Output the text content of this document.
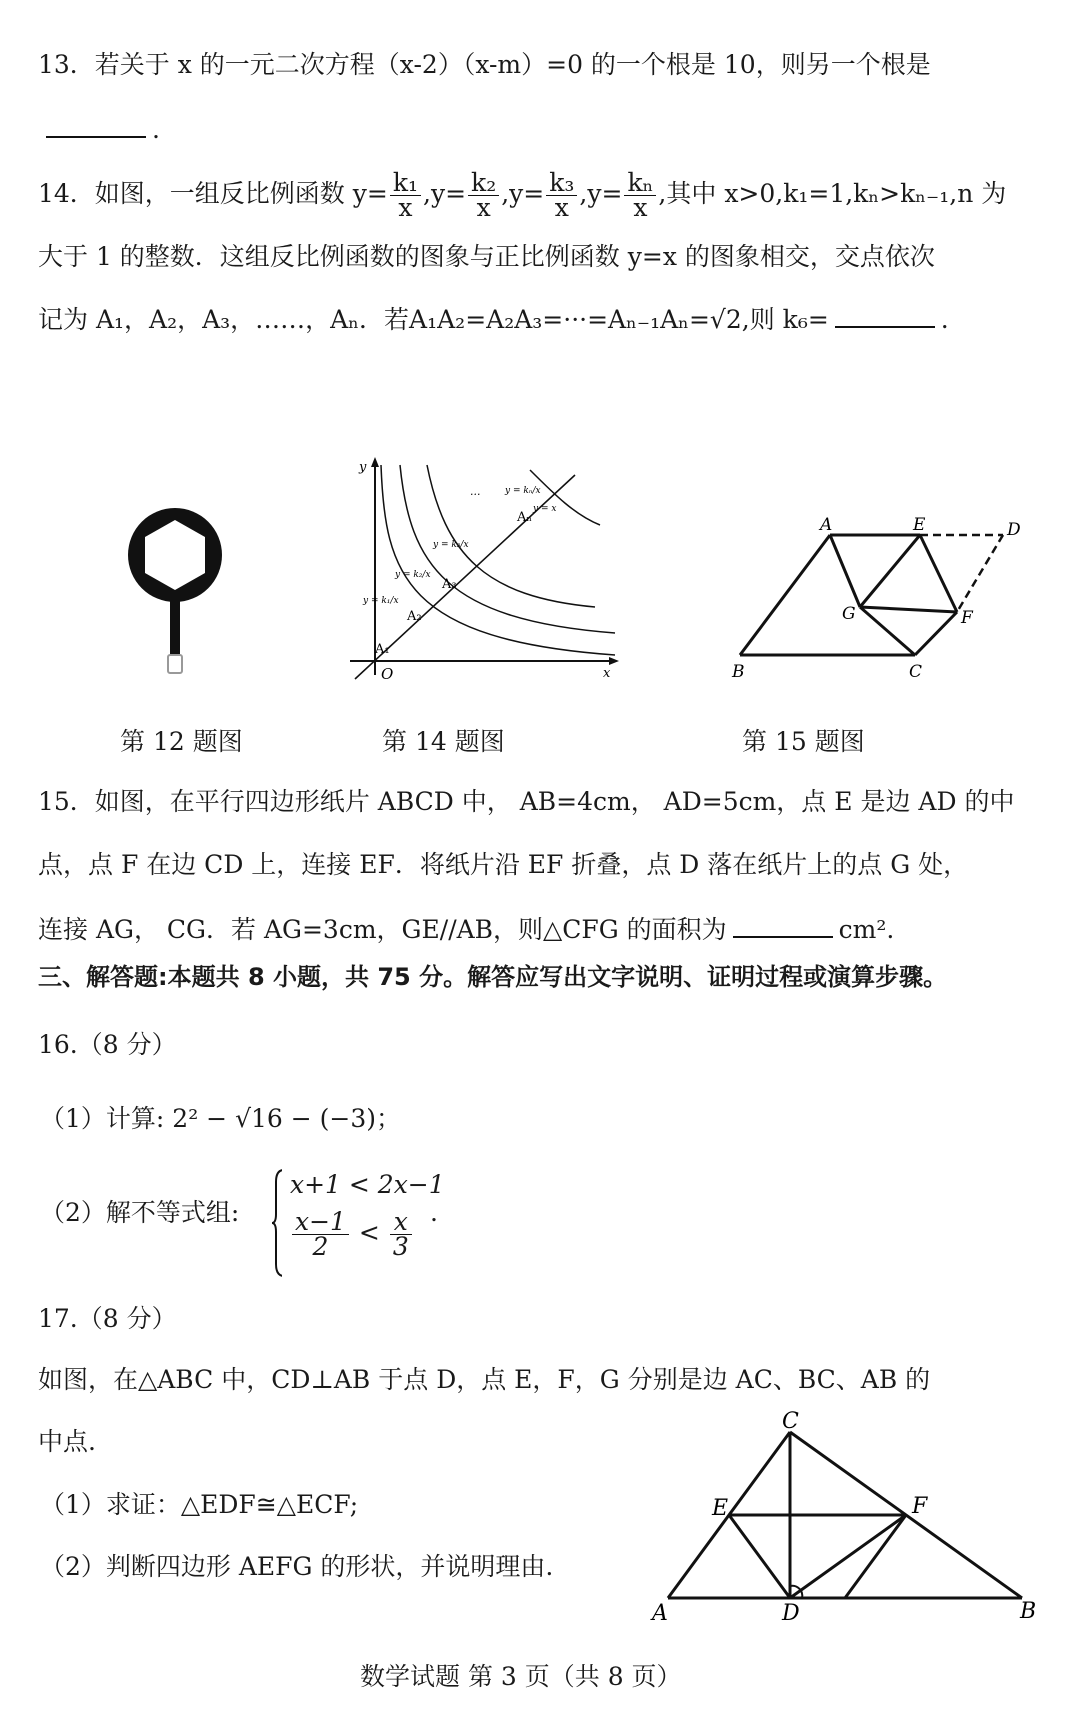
13．若关于 x 的一元二次方程（x-2）（x-m）=0 的一个根是 10，则另一个根是
.
14．如图，一组反比例函数 $y= \frac{\text{k₁}}{x} ,y= \frac{\text{k₂}}{x} ,y= \frac{\text{k₃}}{x} ,y= \frac{\text{kₙ}}{x}$ ,其中 x>0,k₁=1,kₙ>kₙ₋₁,n 为
大于 1 的整数．这组反比例函数的图象与正比例函数 y=x 的图象相交，交点依次
记为 A₁，A₂，A₃，……，Aₙ．若A₁A₂=A₂A₃=···=Aₙ₋₁Aₙ=√2,则 k₆=	.
第 12 题图
y
x
O
A₁
A₂
A₃
Aₙ
y = k₁/x
y = k₂/x
y = k₃/x
y = kₙ/x
y = x
...
第 14 题图
A	E	D
G	F
B	C
第 15 题图
15．如图，在平行四边形纸片 ABCD 中， AB=4cm， AD=5cm，点 E 是边 AD 的中
点，点 F 在边 CD 上，连接 EF．将纸片沿 EF 折叠，点 D 落在纸片上的点 G 处，
连接 AG， CG．若 AG=3cm，GE//AB，则△CFG 的面积为	cm².
三、解答题:本题共 8 小题，共 75 分。解答应写出文字说明、证明过程或演算步骤。
16.（8 分）
（1）计算: 2² − √16 − (−3)；
（2）解不等式组:
x+1 < 2x−1
$\frac{x-1}{2} < \frac{x}{3}$ .
17.（8 分）
如图，在△ABC 中，CD⊥AB 于点 D，点 E，F，G 分别是边 AC、BC、AB 的
中点.
（1）求证：△EDF≅△ECF;
（2）判断四边形 AEFG 的形状，并说明理由.
C
E	F
A	D	B
数学试题 第 3 页（共 8 页）
